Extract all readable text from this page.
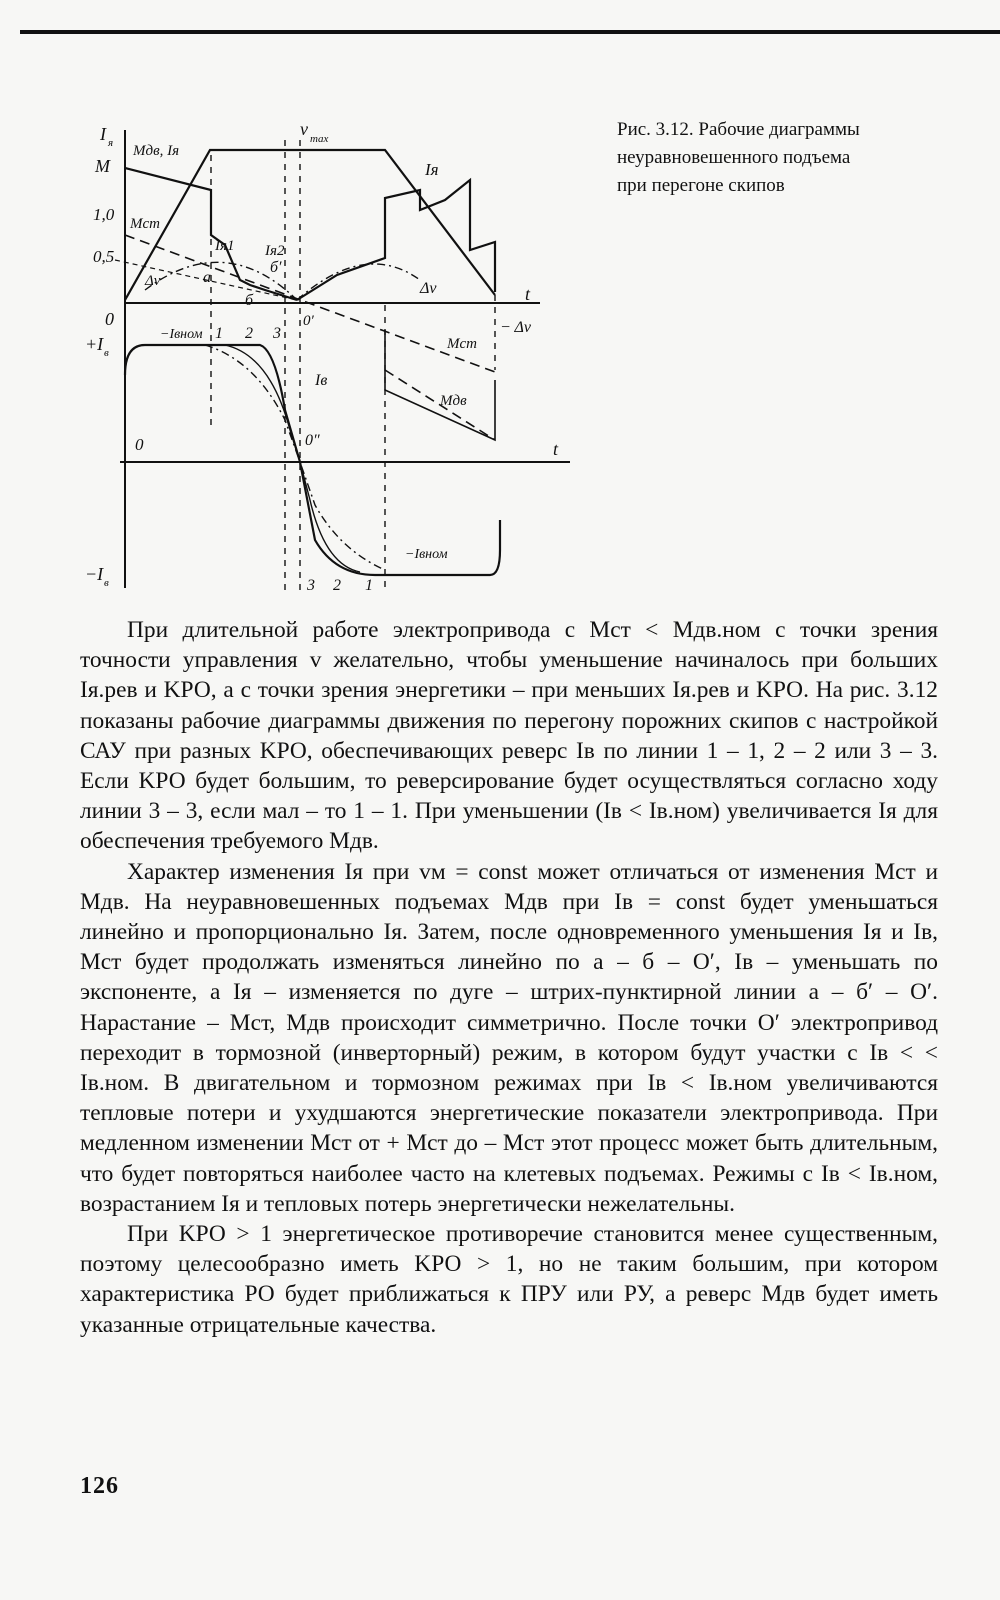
I я
M
1,0
0,5
0
+I в
−I в
v max
Mдв, Iя
Mст
Iя
Iя1 Iя2
Δv	Δv
− Δv
a
б
б′
0′
0″
0
t
t
Mст
Mдв
Iв
−Iвном
−Iвном
1 2 3
3 2 1
Рис. 3.12. Рабочие диаграммы
неуравновешенного подъема
при перегоне скипов

При длительной работе электропривода с Mст < Mдв.ном с точки зрения точности управления v желательно, чтобы уменьшение начиналось при больших Iя.рев и KРО, а с точки зрения энергетики – при меньших Iя.рев и KРО. На рис. 3.12 показаны рабочие диаграммы движения по перегону порожних скипов с настройкой САУ при разных KРО, обеспечивающих реверс Iв по линии 1 – 1, 2 – 2 или 3 – 3. Если KРО будет большим, то реверсирование будет осуществляться согласно ходу линии 3 – 3, если мал – то 1 – 1. При уменьшении (Iв < Iв.ном) увеличивается Iя для обеспечения требуемого Mдв.

Характер изменения Iя при vм = const может отличаться от изменения Mст и Mдв. На неуравновешенных подъемах Mдв при Iв = const будет уменьшаться линейно и пропорционально Iя. Затем, после одновременного уменьшения Iя и Iв, Mст будет продолжать изменяться линейно по a – б – O′, Iв – уменьшать по экспоненте, а Iя – изменяется по дуге – штрих-пунктирной линии a – б′ – O′. Нарастание – Mст, Mдв происходит симметрично. После точки O′ электропривод переходит в тормозной (инверторный) режим, в котором будут участки с Iв < < Iв.ном. В двигательном и тормозном режимах при Iв < Iв.ном увеличиваются тепловые потери и ухудшаются энергетические показатели электропривода. При медленном изменении Mст от + Mст до – Mст этот процесс может быть длительным, что будет повторяться наиболее часто на клетевых подъемах. Режимы с Iв < Iв.ном, возрастанием Iя и тепловых потерь энергетически нежелательны.

При KРО > 1 энергетическое противоречие становится менее существенным, поэтому целесообразно иметь KРО > 1, но не таким большим, при котором характеристика РО будет приближаться к ПРУ или РУ, а реверс Mдв будет иметь указанные отрицательные качества.

126
